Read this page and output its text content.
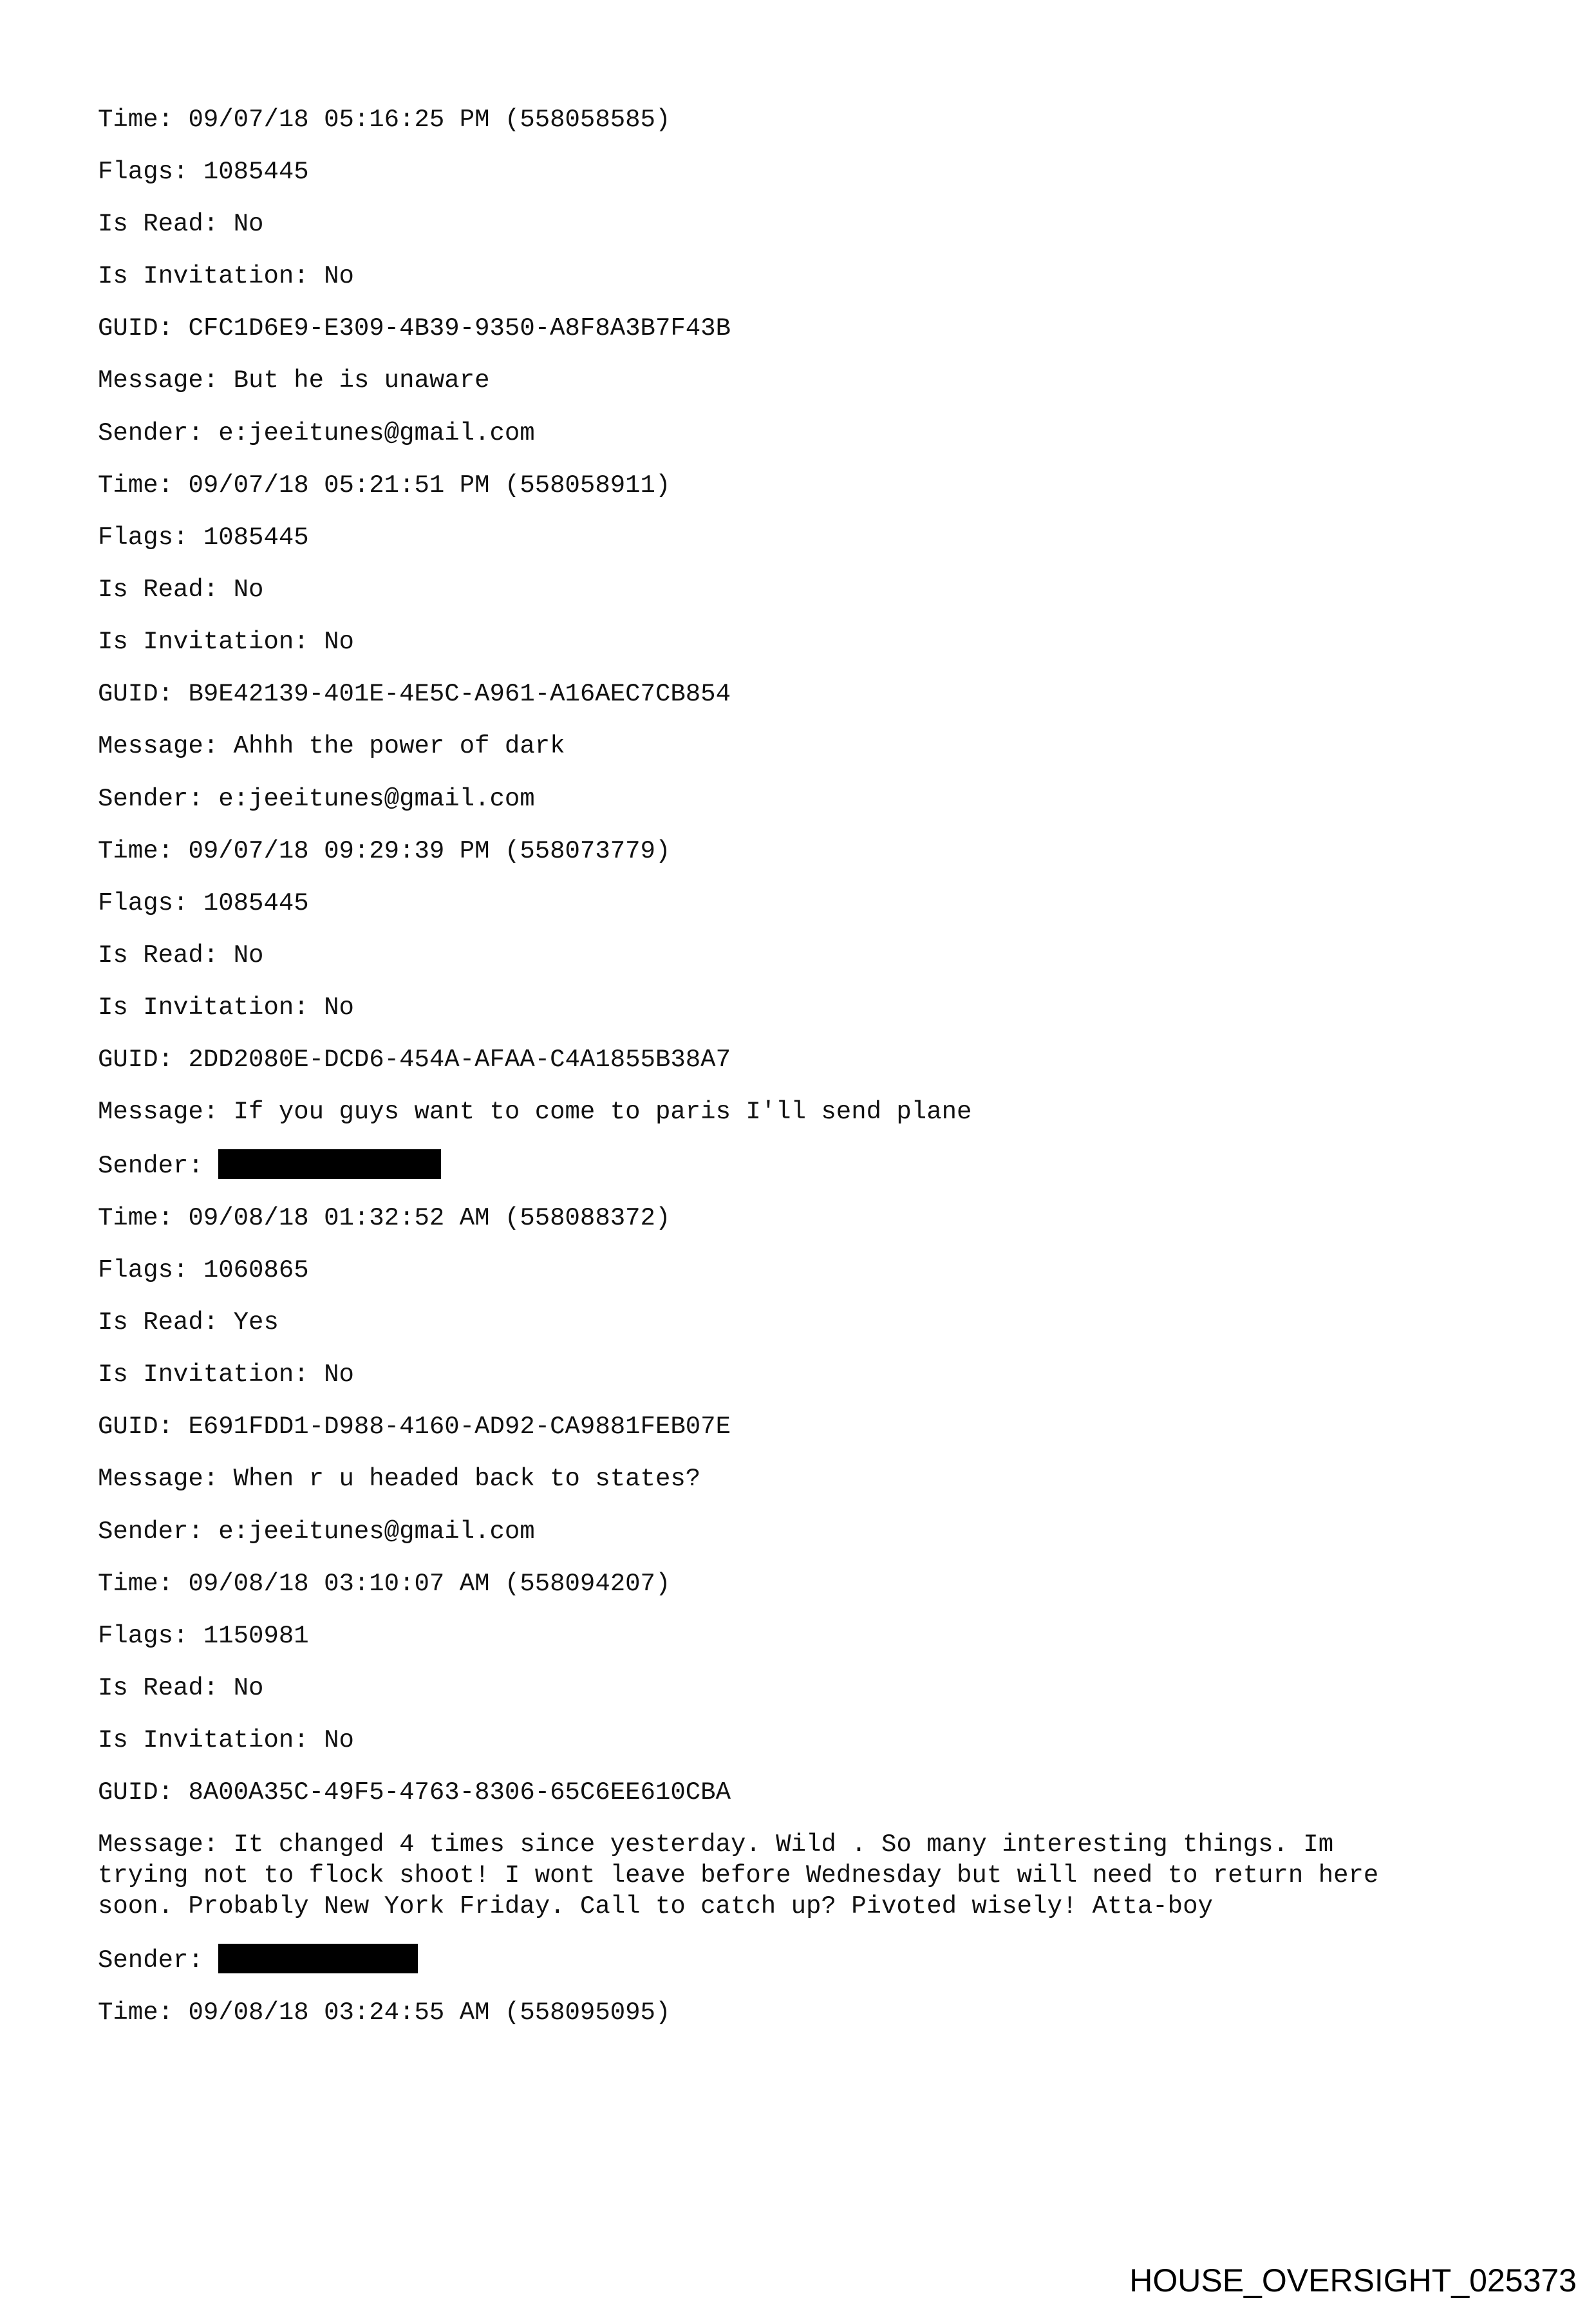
Time: 09/07/18 05:16:25 PM (558058585)
Flags: 1085445
Is Read: No
Is Invitation: No
GUID: CFC1D6E9-E309-4B39-9350-A8F8A3B7F43B
Message: But he is unaware
Sender: e:jeeitunes@gmail.com
Time: 09/07/18 05:21:51 PM (558058911)
Flags: 1085445
Is Read: No
Is Invitation: No
GUID: B9E42139-401E-4E5C-A961-A16AEC7CB854
Message: Ahhh the power of dark
Sender: e:jeeitunes@gmail.com
Time: 09/07/18 09:29:39 PM (558073779)
Flags: 1085445
Is Read: No
Is Invitation: No
GUID: 2DD2080E-DCD6-454A-AFAA-C4A1855B38A7
Message: If you guys want to come to paris I'll send plane
Sender:
Time: 09/08/18 01:32:52 AM (558088372)
Flags: 1060865
Is Read: Yes
Is Invitation: No
GUID: E691FDD1-D988-4160-AD92-CA9881FEB07E
Message: When r u headed back to states?
Sender: e:jeeitunes@gmail.com
Time: 09/08/18 03:10:07 AM (558094207)
Flags: 1150981
Is Read: No
Is Invitation: No
GUID: 8A00A35C-49F5-4763-8306-65C6EE610CBA
Message: It changed 4 times since yesterday. Wild . So many interesting things. Im
trying not to flock shoot! I wont leave before Wednesday but will need to return here
soon. Probably New York Friday. Call to catch up? Pivoted wisely! Atta-boy
Sender:
Time: 09/08/18 03:24:55 AM (558095095)
HOUSE_OVERSIGHT_025373
